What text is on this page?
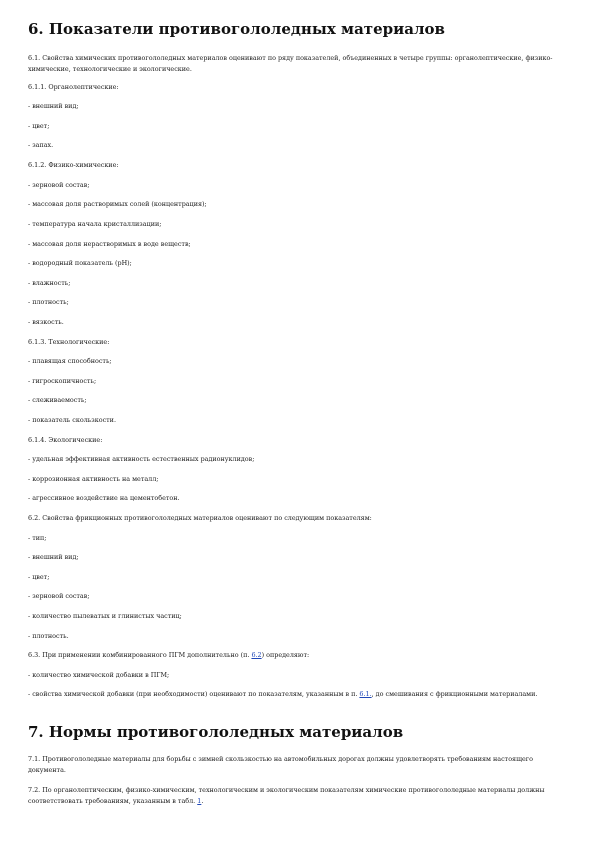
6. Показатели противогололедных материалов

6.1. Свойства химических противогололедных материалов оценивают по ряду показателей, объединенных в четыре группы: органолептические, физико-химические, технологические и экологические.

6.1.1. Органолептические:

- внешний вид;

- цвет;

- запах.

6.1.2. Физико-химические:

- зерновой состав;

- массовая доля растворимых солей (концентрация);

- температура начала кристаллизации;

- массовая доля нерастворимых в воде веществ;

- водородный показатель (pH);

- влажность;

- плотность;

- вязкость.

6.1.3. Технологические:

- плавящая способность;

- гигроскопичность;

- слеживаемость;

- показатель скользкости.

6.1.4. Экологические:

- удельная эффективная активность естественных радионуклидов;

- коррозионная активность на металл;

- агрессивное воздействие на цементобетон.

6.2. Свойства фрикционных противогололедных материалов оценивают по следующим показателям:

- тип;

- внешний вид;

- цвет;

- зерновой состав;

- количество пылеватых и глинистых частиц;

- плотность.

6.3. При применении комбинированного ПГМ дополнительно (п. 6.2) определяют:

- количество химической добавки в ПГМ;

- свойства химической добавки (при необходимости) оценивают по показателям, указанным в п. 6.1., до смешивания с фрикционными материалами.

7. Нормы противогололедных материалов

7.1. Противогололедные материалы для борьбы с зимней скользкостью на автомобильных дорогах должны удовлетворять требованиям настоящего документа.

7.2. По органолептическим, физико-химическим, технологическим и экологическим показателям химические противогололедные материалы должны соответствовать требованиям, указанным в табл. 1.
